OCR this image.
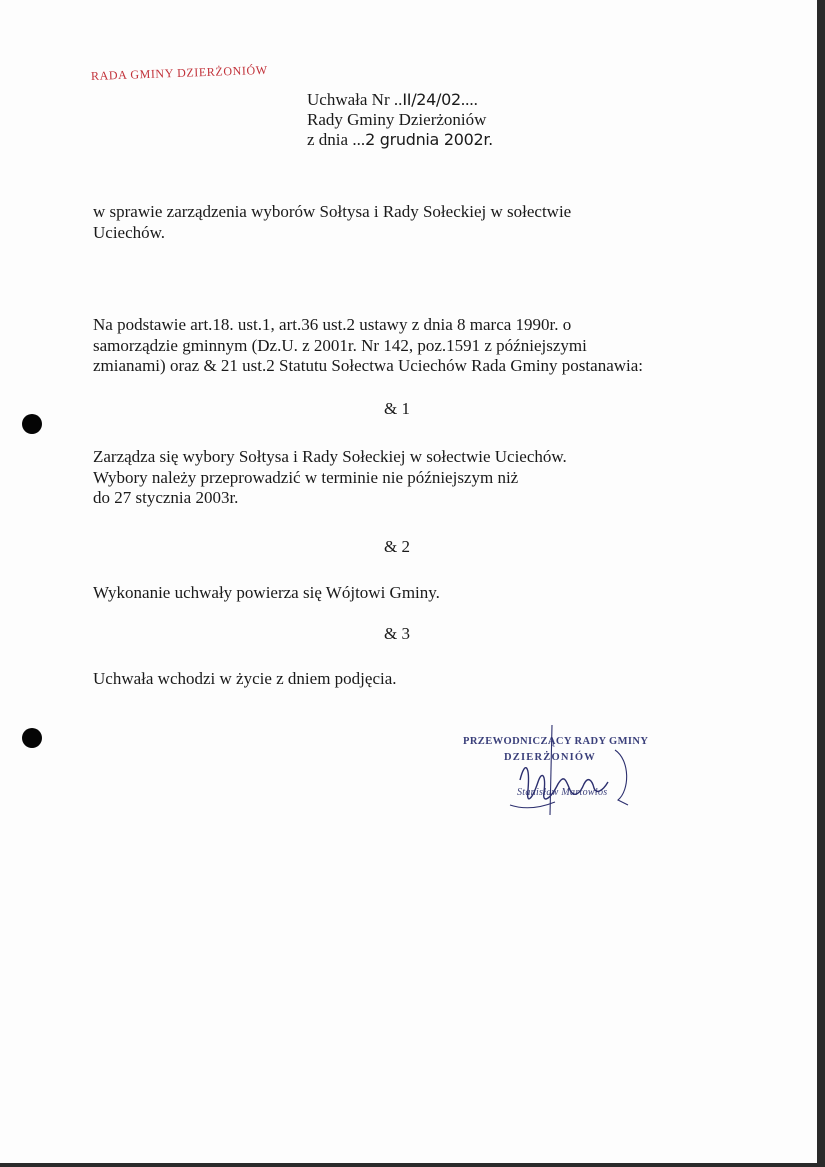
RADA GMINY DZIERŻONIÓW
Uchwała Nr ..II/24/02....
Rady Gminy Dzierżoniów
z dnia ...2 grudnia 2002r.
w sprawie zarządzenia wyborów Sołtysa i Rady Sołeckiej w sołectwie
Uciechów.
Na podstawie art.18. ust.1, art.36 ust.2 ustawy z dnia 8 marca 1990r. o
samorządzie gminnym (Dz.U. z 2001r. Nr 142, poz.1591 z późniejszymi
zmianami) oraz & 21 ust.2 Statutu Sołectwa Uciechów Rada Gminy postanawia:
& 1
Zarządza się wybory Sołtysa i Rady Sołeckiej w sołectwie Uciechów.
Wybory należy przeprowadzić w terminie nie późniejszym niż
do 27 stycznia 2003r.
& 2
Wykonanie uchwały powierza się Wójtowi Gminy.
& 3
Uchwała wchodzi w życie z dniem podjęcia.
PRZEWODNICZĄCY RADY GMINY
DZIERŻONIÓW
Stanisław Martowłos
